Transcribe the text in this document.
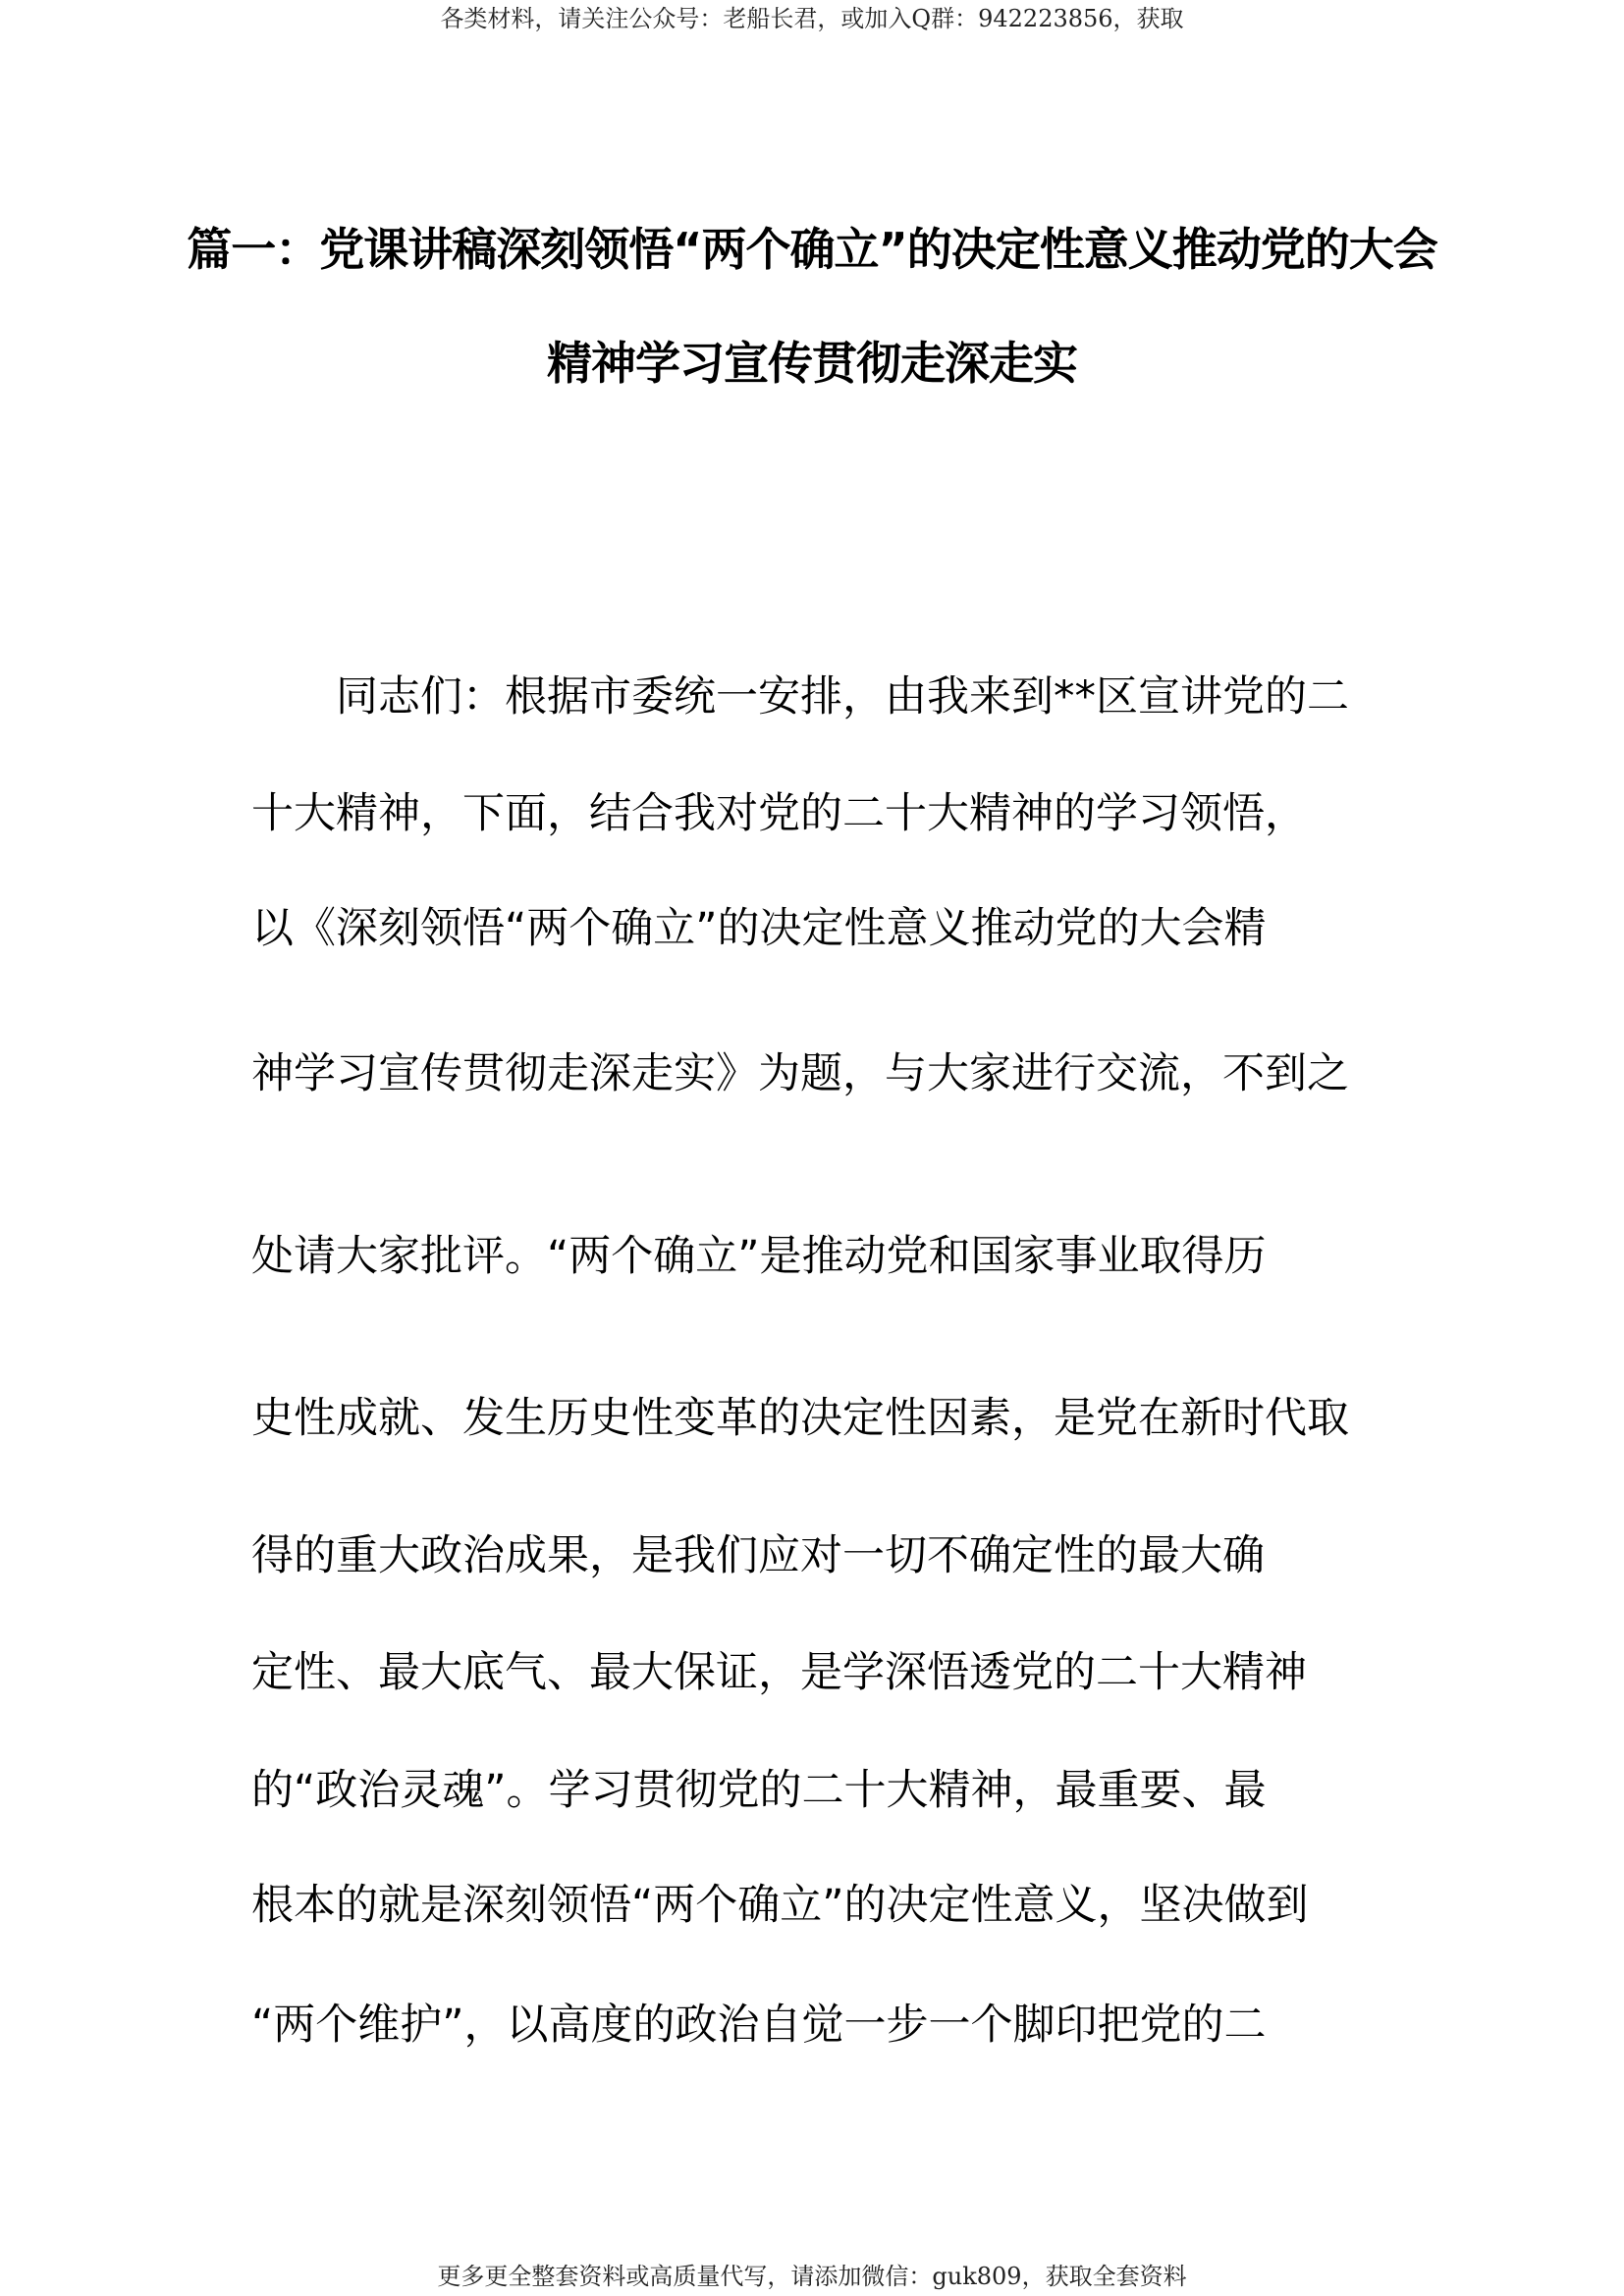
各类材料，请关注公众号：老船长君，或加入Q群：942223856，获取
篇一：党课讲稿深刻领悟“两个确立”的决定性意义推动党的大会
精神学习宣传贯彻走深走实
　　同志们：根据市委统一安排，由我来到**区宣讲党的二
十大精神，下面，结合我对党的二十大精神的学习领悟，
以《深刻领悟“两个确立”的决定性意义推动党的大会精
神学习宣传贯彻走深走实》为题，与大家进行交流，不到之
处请大家批评。“两个确立”是推动党和国家事业取得历
史性成就、发生历史性变革的决定性因素，是党在新时代取
得的重大政治成果，是我们应对一切不确定性的最大确
定性、最大底气、最大保证，是学深悟透党的二十大精神
的“政治灵魂”。学习贯彻党的二十大精神，最重要、最
根本的就是深刻领悟“两个确立”的决定性意义，坚决做到
“两个维护”，以高度的政治自觉一步一个脚印把党的二
更多更全整套资料或高质量代写，请添加微信：guk809，获取全套资料
